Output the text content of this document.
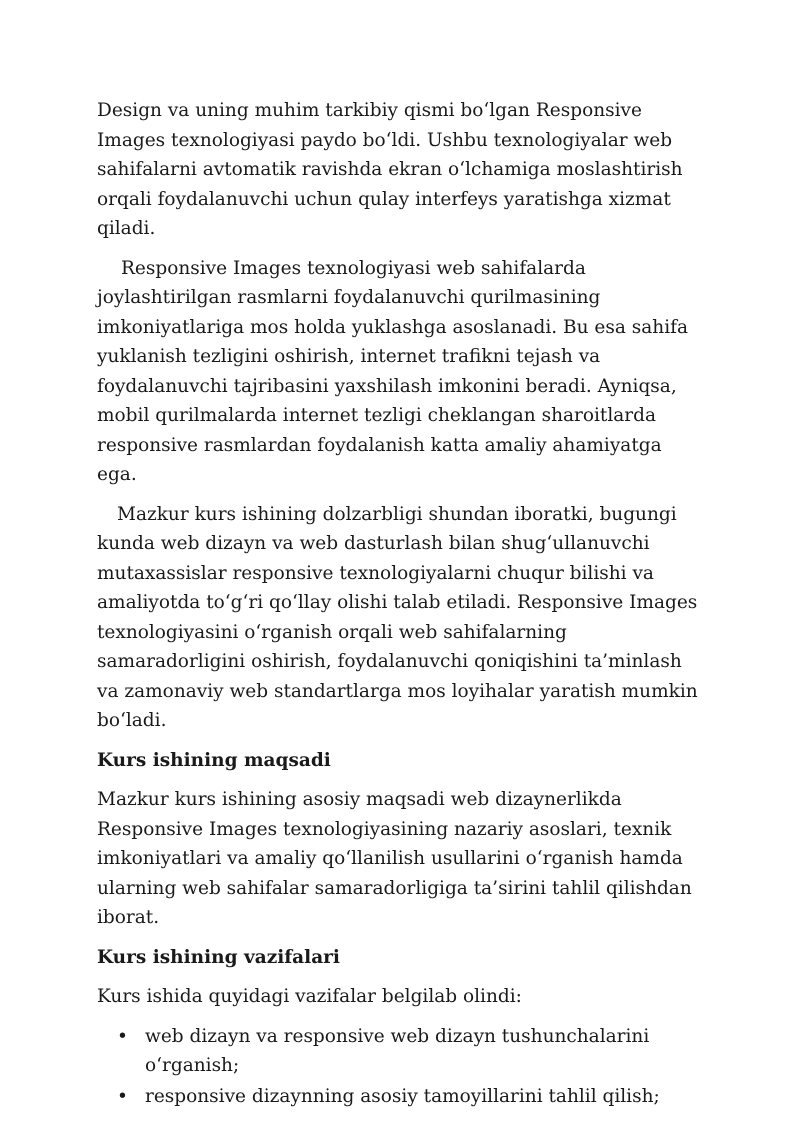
Design va uning muhim tarkibiy qismi bo‘lgan Responsive Images texnologiyasi paydo bo‘ldi. Ushbu texnologiyalar web sahifalarni avtomatik ravishda ekran o‘lchamiga moslashtirish orqali foydalanuvchi uchun qulay interfeys yaratishga xizmat qiladi.

Responsive Images texnologiyasi web sahifalarda joylashtirilgan rasmlarni foydalanuvchi qurilmasining imkoniyatlariga mos holda yuklashga asoslanadi. Bu esa sahifa yuklanish tezligini oshirish, internet trafikni tejash va foydalanuvchi tajribasini yaxshilash imkonini beradi. Ayniqsa, mobil qurilmalarda internet tezligi cheklangan sharoitlarda responsive rasmlardan foydalanish katta amaliy ahamiyatga ega.

Mazkur kurs ishining dolzarbligi shundan iboratki, bugungi kunda web dizayn va web dasturlash bilan shug‘ullanuvchi mutaxassislar responsive texnologiyalarni chuqur bilishi va amaliyotda to‘g‘ri qo‘llay olishi talab etiladi. Responsive Images texnologiyasini o‘rganish orqali web sahifalarning samaradorligini oshirish, foydalanuvchi qoniqishini ta’minlash va zamonaviy web standartlarga mos loyihalar yaratish mumkin bo‘ladi.

Kurs ishining maqsadi

Mazkur kurs ishining asosiy maqsadi web dizaynerlikda Responsive Images texnologiyasining nazariy asoslari, texnik imkoniyatlari va amaliy qo‘llanilish usullarini o‘rganish hamda ularning web sahifalar samaradorligiga ta’sirini tahlil qilishdan iborat.

Kurs ishining vazifalari

Kurs ishida quyidagi vazifalar belgilab olindi:

• web dizayn va responsive web dizayn tushunchalarini o‘rganish;
• responsive dizaynning asosiy tamoyillarini tahlil qilish;
